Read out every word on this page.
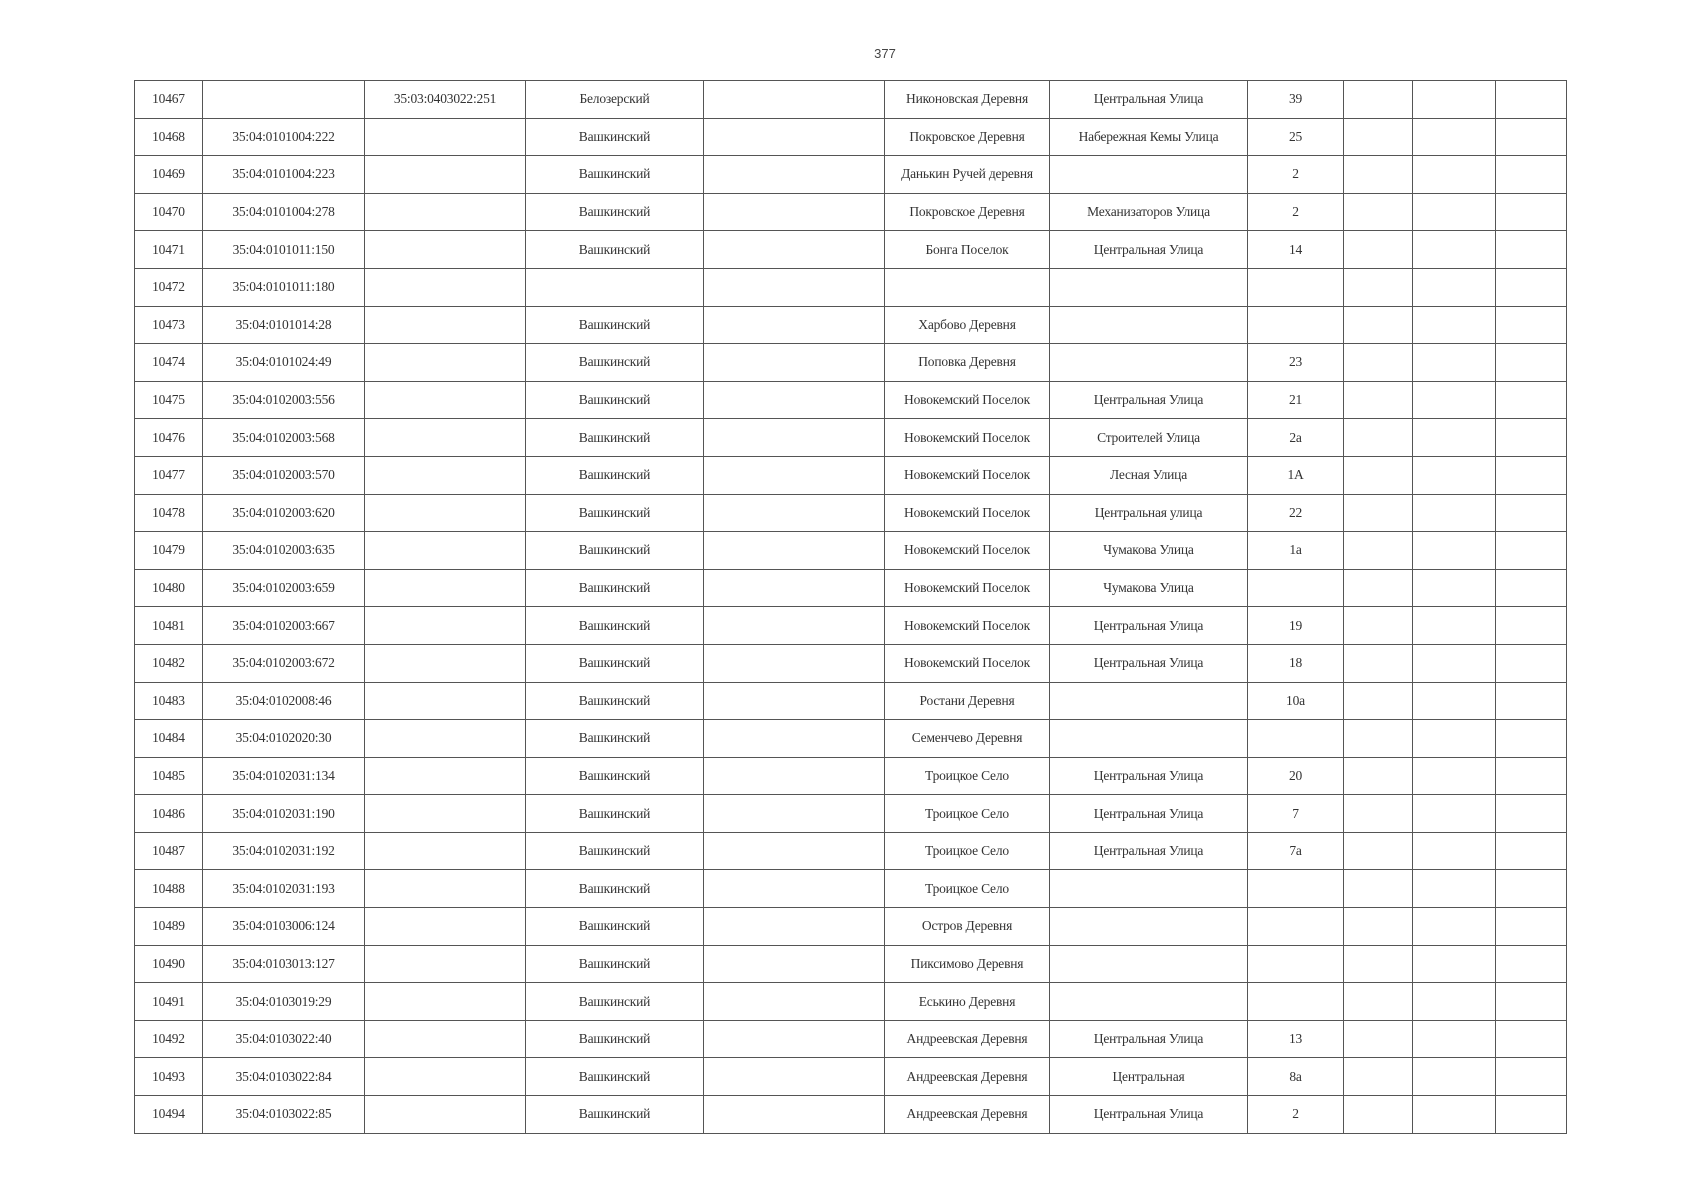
377
10467		35:03:0403022:251	Белозерский		Никоновская Деревня	Центральная Улица	39			
10468	35:04:0101004:222		Вашкинский		Покровское Деревня	Набережная Кемы Улица	25			
10469	35:04:0101004:223		Вашкинский		Данькин Ручей деревня		2			
10470	35:04:0101004:278		Вашкинский		Покровское Деревня	Механизаторов Улица	2			
10471	35:04:0101011:150		Вашкинский		Бонга Поселок	Центральная Улица	14			
10472	35:04:0101011:180									
10473	35:04:0101014:28		Вашкинский		Харбово Деревня					
10474	35:04:0101024:49		Вашкинский		Поповка Деревня		23			
10475	35:04:0102003:556		Вашкинский		Новокемский Поселок	Центральная Улица	21			
10476	35:04:0102003:568		Вашкинский		Новокемский Поселок	Строителей Улица	2а			
10477	35:04:0102003:570		Вашкинский		Новокемский Поселок	Лесная Улица	1А			
10478	35:04:0102003:620		Вашкинский		Новокемский Поселок	Центральная улица	22			
10479	35:04:0102003:635		Вашкинский		Новокемский Поселок	Чумакова Улица	1а			
10480	35:04:0102003:659		Вашкинский		Новокемский Поселок	Чумакова Улица				
10481	35:04:0102003:667		Вашкинский		Новокемский Поселок	Центральная Улица	19			
10482	35:04:0102003:672		Вашкинский		Новокемский Поселок	Центральная Улица	18			
10483	35:04:0102008:46		Вашкинский		Ростани Деревня		10а			
10484	35:04:0102020:30		Вашкинский		Семенчево Деревня					
10485	35:04:0102031:134		Вашкинский		Троицкое Село	Центральная Улица	20			
10486	35:04:0102031:190		Вашкинский		Троицкое Село	Центральная Улица	7			
10487	35:04:0102031:192		Вашкинский		Троицкое Село	Центральная Улица	7а			
10488	35:04:0102031:193		Вашкинский		Троицкое Село					
10489	35:04:0103006:124		Вашкинский		Остров Деревня					
10490	35:04:0103013:127		Вашкинский		Пиксимово Деревня					
10491	35:04:0103019:29		Вашкинский		Еськино Деревня					
10492	35:04:0103022:40		Вашкинский		Андреевская Деревня	Центральная Улица	13			
10493	35:04:0103022:84		Вашкинский		Андреевская Деревня	Центральная	8а			
10494	35:04:0103022:85		Вашкинский		Андреевская Деревня	Центральная Улица	2			
